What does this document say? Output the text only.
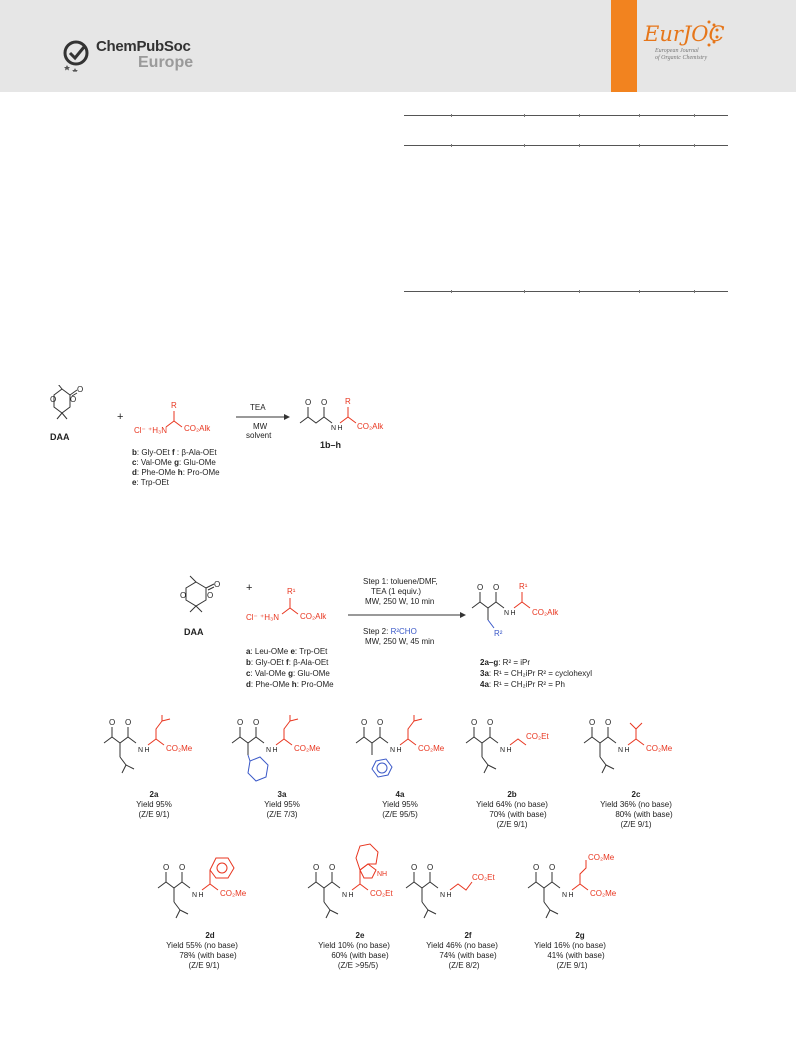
ChemPubSoc
Europe
EurJOC
European Journal
of Organic Chemistry
O
O
O
DAA
+
Cl⁻ ⁺H₃N
R
CO₂Alk
TEA
MW
solvent
O O
N H
R
CO₂Alk
1b–h
b: Gly-OEt f : β-Ala-OEt
c: Val-OMe g: Glu-OMe
d: Phe-OMe h: Pro-OMe
e: Trp-OEt
O
O
O
DAA
+
Cl⁻ ⁺H₃N
R¹
CO₂Alk
Step 1: toluene/DMF,
TEA (1 equiv.)
MW, 250 W, 10 min
Step 2: R²CHO
MW, 250 W, 45 min
O O
N H
R²
R¹
CO₂Alk
a: Leu-OMe e: Trp-OEt
b: Gly-OEt f: β-Ala-OEt
c: Val-OMe g: Glu-OMe
d: Phe-OMe h: Pro-OMe
2a–g: R² = iPr
3a: R¹ = CH₂iPr R² = cyclohexyl
4a: R¹ = CH₂iPr R² = Ph
O O
N H CO₂Me
2a
Yield 95%
(Z/E 9/1)
O O
N H CO₂Me
3a
Yield 95%
(Z/E 7/3)
O O
N H CO₂Me
4a
Yield 95%
(Z/E 95/5)
O O
N H
CO₂Et
2b
Yield 64% (no base)
70% (with base)
(Z/E 9/1)
O O
N H CO₂Me
2c
Yield 36% (no base)
80% (with base)
(Z/E 9/1)
O O
N H CO₂Me
2d
Yield 55% (no base)
78% (with base)
(Z/E 9/1)
O O
N H
NH
CO₂Et
2e
Yield 10% (no base)
60% (with base)
(Z/E >95/5)
O O
N H
CO₂Et
2f
Yield 46% (no base)
74% (with base)
(Z/E 8/2)
O O
N H
CO₂Me
CO₂Me
2g
Yield 16% (no base)
41% (with base)
(Z/E 9/1)
